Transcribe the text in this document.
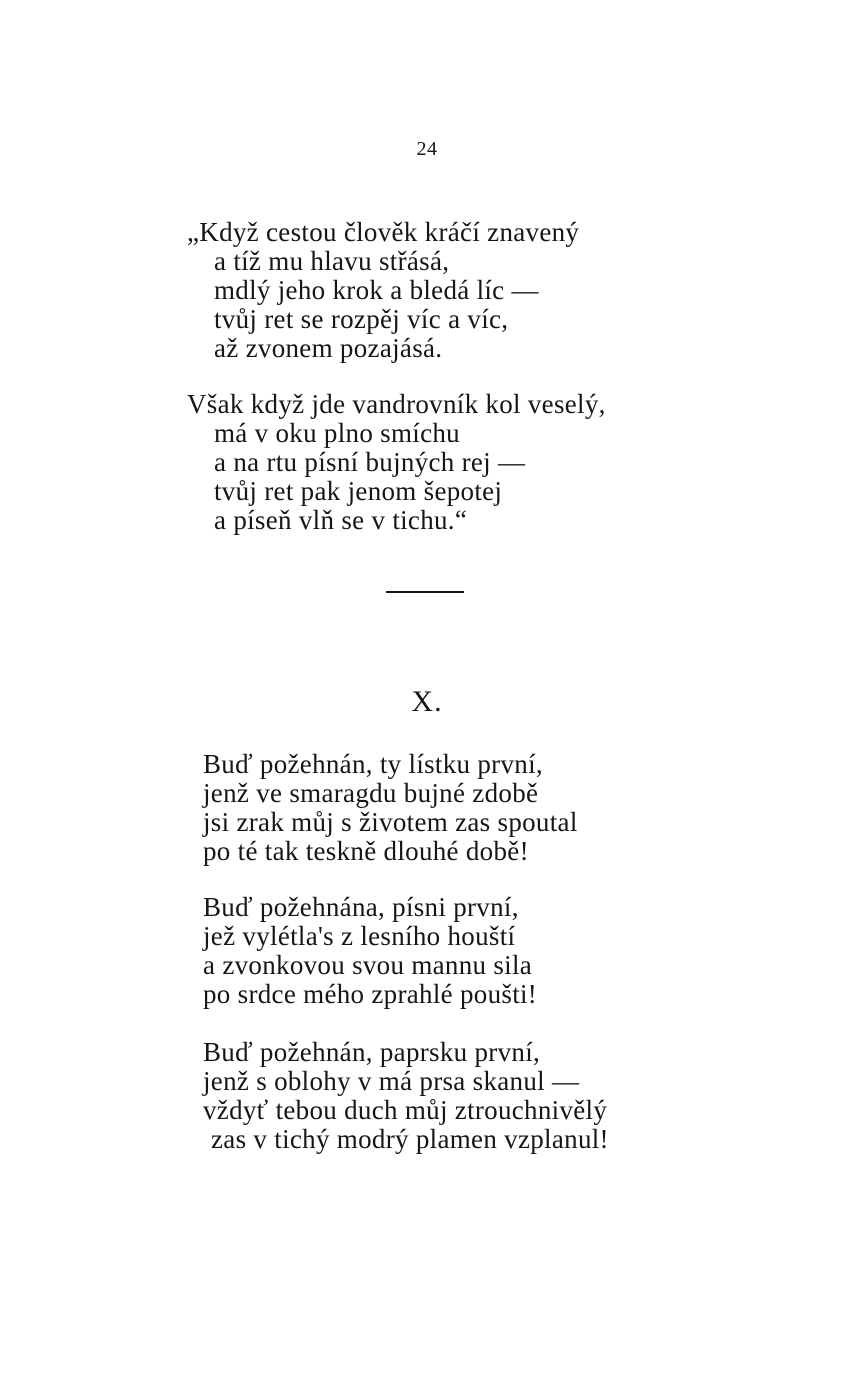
24
„Když cestou člověk kráčí znavený
a tíž mu hlavu střásá,
mdlý jeho krok a bledá líc —
tvůj ret se rozpěj víc a víc,
až zvonem pozajásá.
Však když jde vandrovník kol veselý,
má v oku plno smíchu
a na rtu písní bujných rej —
tvůj ret pak jenom šepotej
a píseň vlň se v tichu.“
X.
Buď požehnán, ty lístku první,
jenž ve smaragdu bujné zdobě
jsi zrak můj s životem zas spoutal
po té tak teskně dlouhé době!
Buď požehnána, písni první,
jež vylétla's z lesního houští
a zvonkovou svou mannu sila
po srdce mého zprahlé poušti!
Buď požehnán, paprsku první,
jenž s oblohy v má prsa skanul —
vždyť tebou duch můj ztrouchnivělý
zas v tichý modrý plamen vzplanul!
